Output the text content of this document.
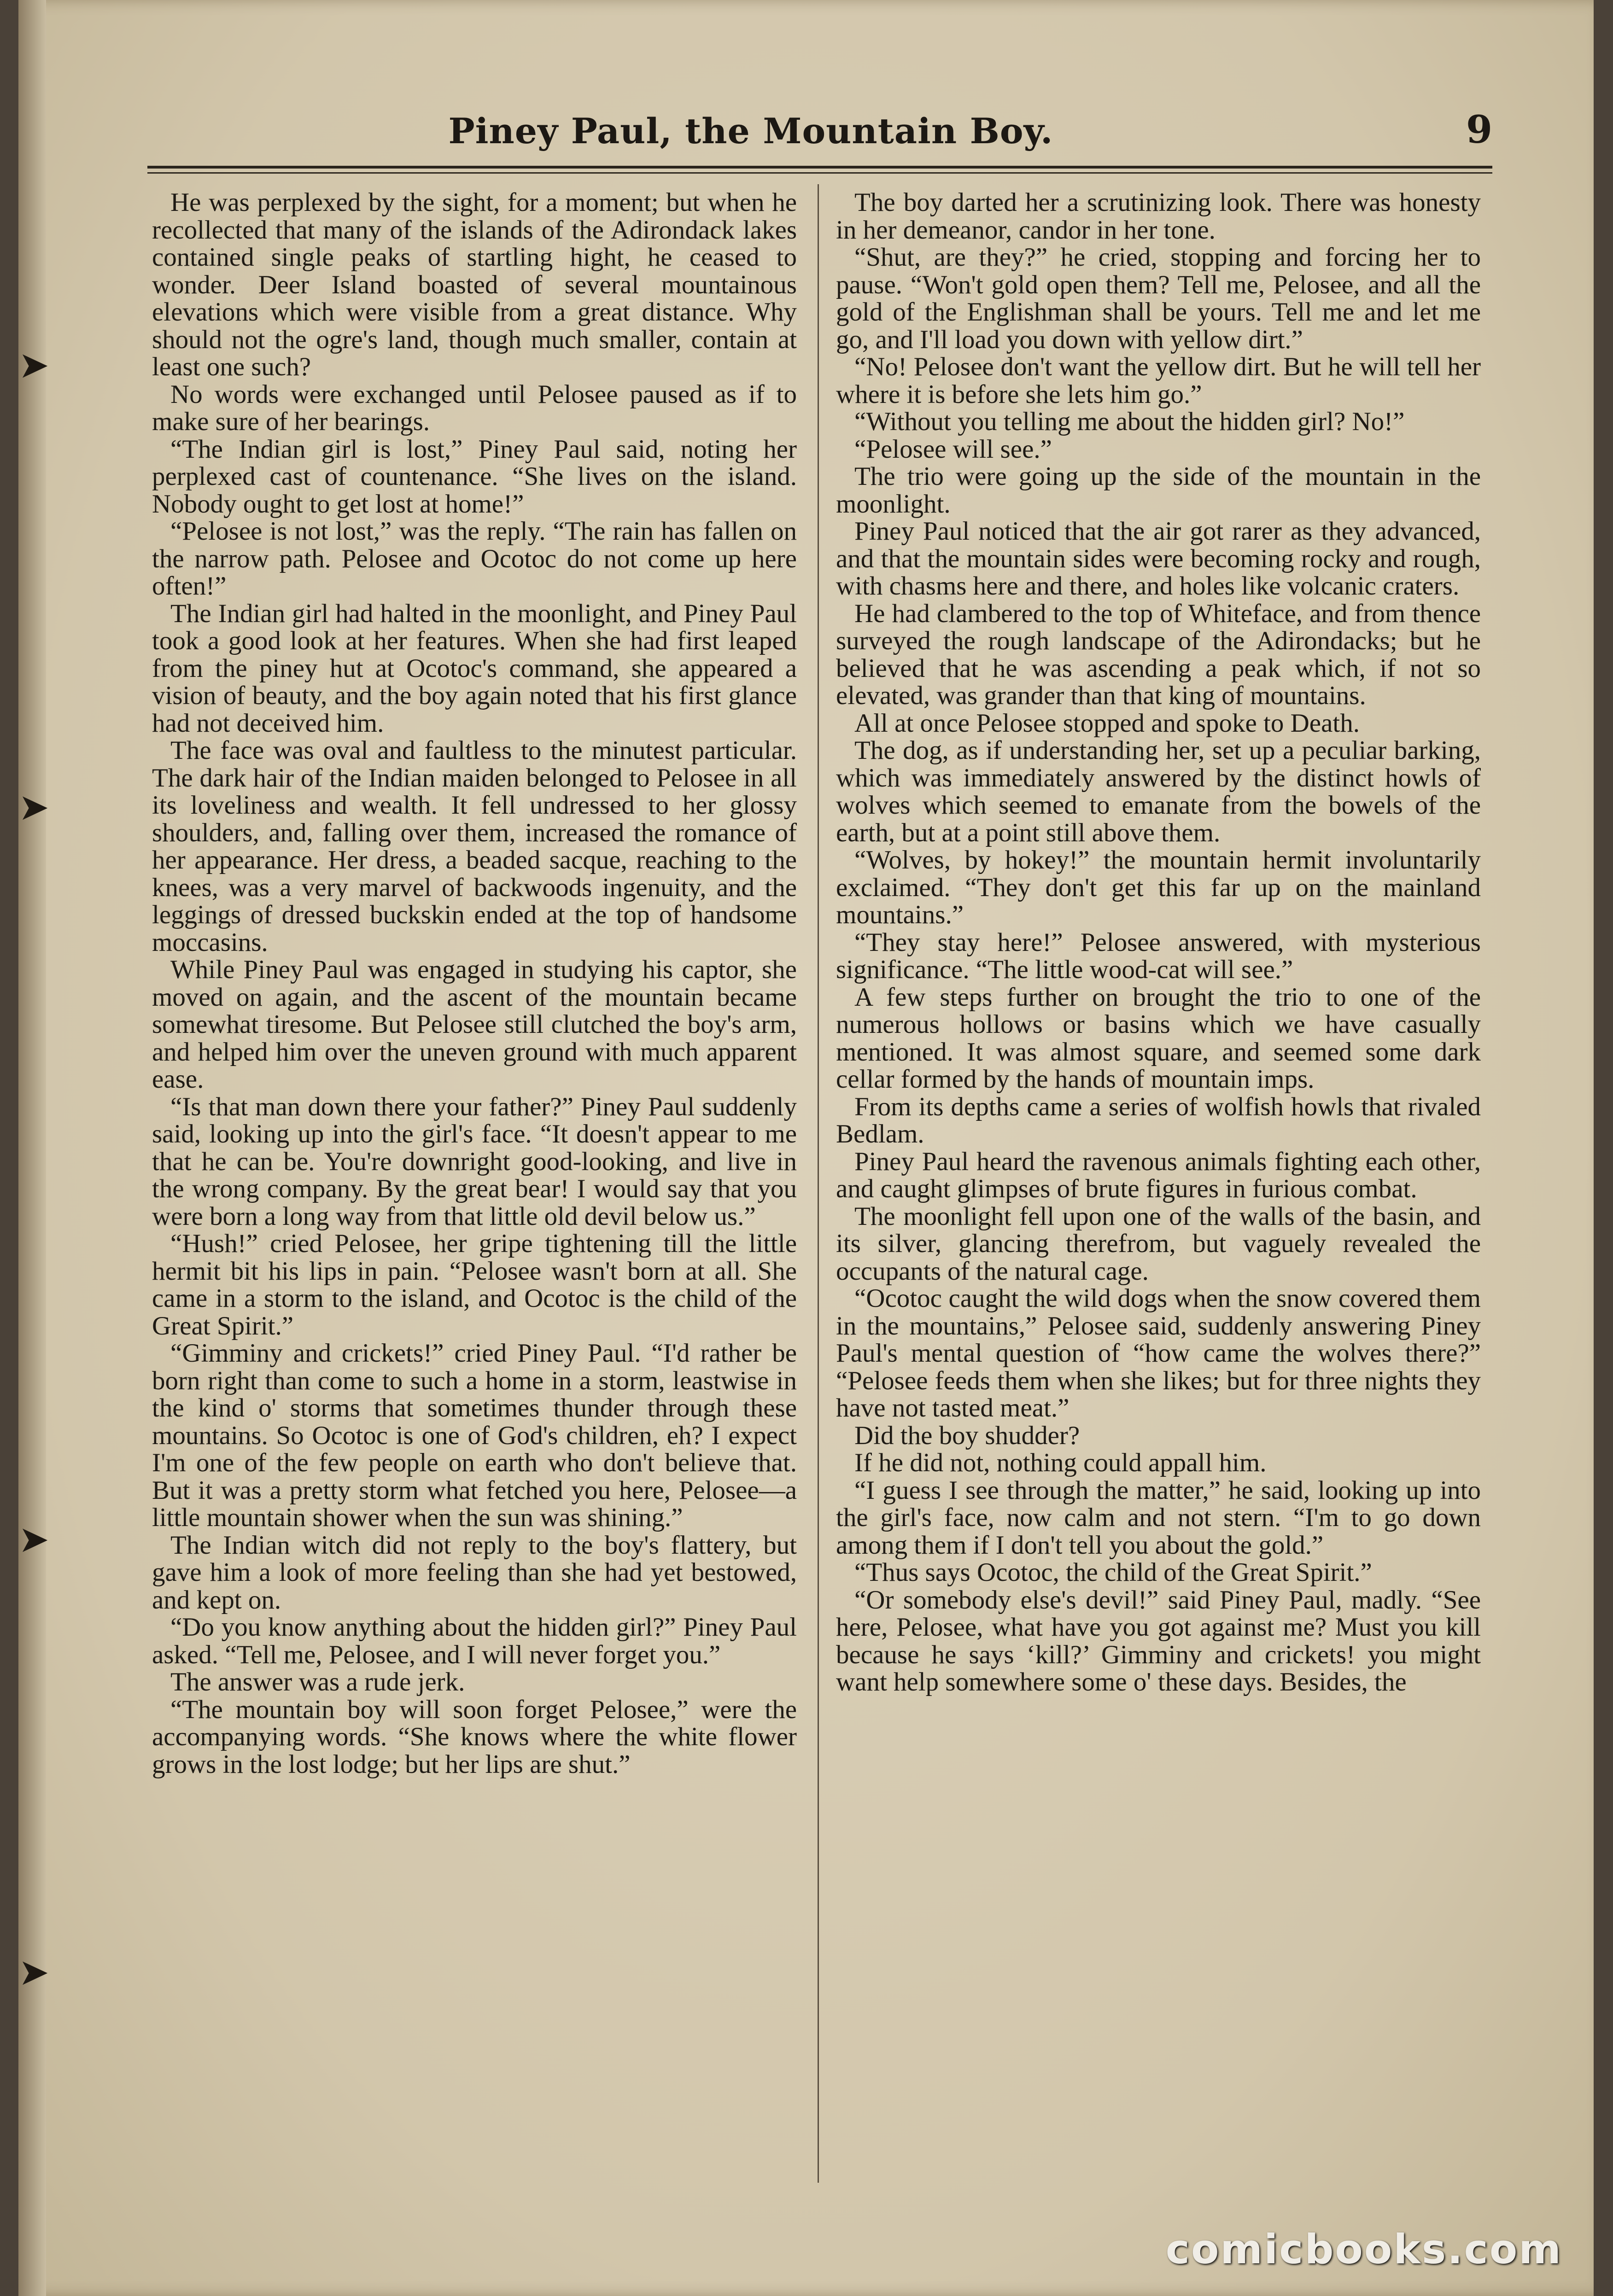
➤
➤
➤
➤
Piney Paul, the Mountain Boy.	9

He was perplexed by the sight, for a moment; but when he recollected that many of the islands of the Adirondack lakes contained single peaks of startling hight, he ceased to wonder. Deer Island boasted of several mountainous elevations which were visible from a great distance. Why should not the ogre's land, though much smaller, contain at least one such?

No words were exchanged until Pelosee paused as if to make sure of her bearings.

“The Indian girl is lost,” Piney Paul said, noting her perplexed cast of countenance. “She lives on the island. Nobody ought to get lost at home!”

“Pelosee is not lost,” was the reply. “The rain has fallen on the narrow path. Pelosee and Ocotoc do not come up here often!”

The Indian girl had halted in the moonlight, and Piney Paul took a good look at her features. When she had first leaped from the piney hut at Ocotoc's command, she appeared a vision of beauty, and the boy again noted that his first glance had not deceived him.

The face was oval and faultless to the minutest particular. The dark hair of the Indian maiden belonged to Pelosee in all its loveliness and wealth. It fell undressed to her glossy shoulders, and, falling over them, increased the romance of her appearance. Her dress, a beaded sacque, reaching to the knees, was a very marvel of backwoods ingenuity, and the leggings of dressed buckskin ended at the top of handsome moccasins.

While Piney Paul was engaged in studying his captor, she moved on again, and the ascent of the mountain became somewhat tiresome. But Pelosee still clutched the boy's arm, and helped him over the uneven ground with much apparent ease.

“Is that man down there your father?” Piney Paul suddenly said, looking up into the girl's face. “It doesn't appear to me that he can be. You're downright good-looking, and live in the wrong company. By the great bear! I would say that you were born a long way from that little old devil below us.”

“Hush!” cried Pelosee, her gripe tightening till the little hermit bit his lips in pain. “Pelosee wasn't born at all. She came in a storm to the island, and Ocotoc is the child of the Great Spirit.”

“Gimminy and crickets!” cried Piney Paul. “I'd rather be born right than come to such a home in a storm, leastwise in the kind o' storms that sometimes thunder through these mountains. So Ocotoc is one of God's children, eh? I expect I'm one of the few people on earth who don't believe that. But it was a pretty storm what fetched you here, Pelosee—a little mountain shower when the sun was shining.”

The Indian witch did not reply to the boy's flattery, but gave him a look of more feeling than she had yet bestowed, and kept on.

“Do you know anything about the hidden girl?” Piney Paul asked. “Tell me, Pelosee, and I will never forget you.”

The answer was a rude jerk.

“The mountain boy will soon forget Pelosee,” were the accompanying words. “She knows where the white flower grows in the lost lodge; but her lips are shut.”

The boy darted her a scrutinizing look. There was honesty in her demeanor, candor in her tone.

“Shut, are they?” he cried, stopping and forcing her to pause. “Won't gold open them? Tell me, Pelosee, and all the gold of the Englishman shall be yours. Tell me and let me go, and I'll load you down with yellow dirt.”

“No! Pelosee don't want the yellow dirt. But he will tell her where it is before she lets him go.”

“Without you telling me about the hidden girl? No!”

“Pelosee will see.”

The trio were going up the side of the mountain in the moonlight.

Piney Paul noticed that the air got rarer as they advanced, and that the mountain sides were becoming rocky and rough, with chasms here and there, and holes like volcanic craters.

He had clambered to the top of Whiteface, and from thence surveyed the rough landscape of the Adirondacks; but he believed that he was ascending a peak which, if not so elevated, was grander than that king of mountains.

All at once Pelosee stopped and spoke to Death.

The dog, as if understanding her, set up a peculiar barking, which was immediately answered by the distinct howls of wolves which seemed to emanate from the bowels of the earth, but at a point still above them.

“Wolves, by hokey!” the mountain hermit involuntarily exclaimed. “They don't get this far up on the mainland mountains.”

“They stay here!” Pelosee answered, with mysterious significance. “The little wood-cat will see.”

A few steps further on brought the trio to one of the numerous hollows or basins which we have casually mentioned. It was almost square, and seemed some dark cellar formed by the hands of mountain imps.

From its depths came a series of wolfish howls that rivaled Bedlam.

Piney Paul heard the ravenous animals fighting each other, and caught glimpses of brute figures in furious combat.

The moonlight fell upon one of the walls of the basin, and its silver, glancing therefrom, but vaguely revealed the occupants of the natural cage.

“Ocotoc caught the wild dogs when the snow covered them in the mountains,” Pelosee said, suddenly answering Piney Paul's mental question of “how came the wolves there?” “Pelosee feeds them when she likes; but for three nights they have not tasted meat.”

Did the boy shudder?

If he did not, nothing could appall him.

“I guess I see through the matter,” he said, looking up into the girl's face, now calm and not stern. “I'm to go down among them if I don't tell you about the gold.”

“Thus says Ocotoc, the child of the Great Spirit.”

“Or somebody else's devil!” said Piney Paul, madly. “See here, Pelosee, what have you got against me? Must you kill because he says ‘kill?’ Gimminy and crickets! you might want help somewhere some o' these days. Besides, the

comicbooks.com
